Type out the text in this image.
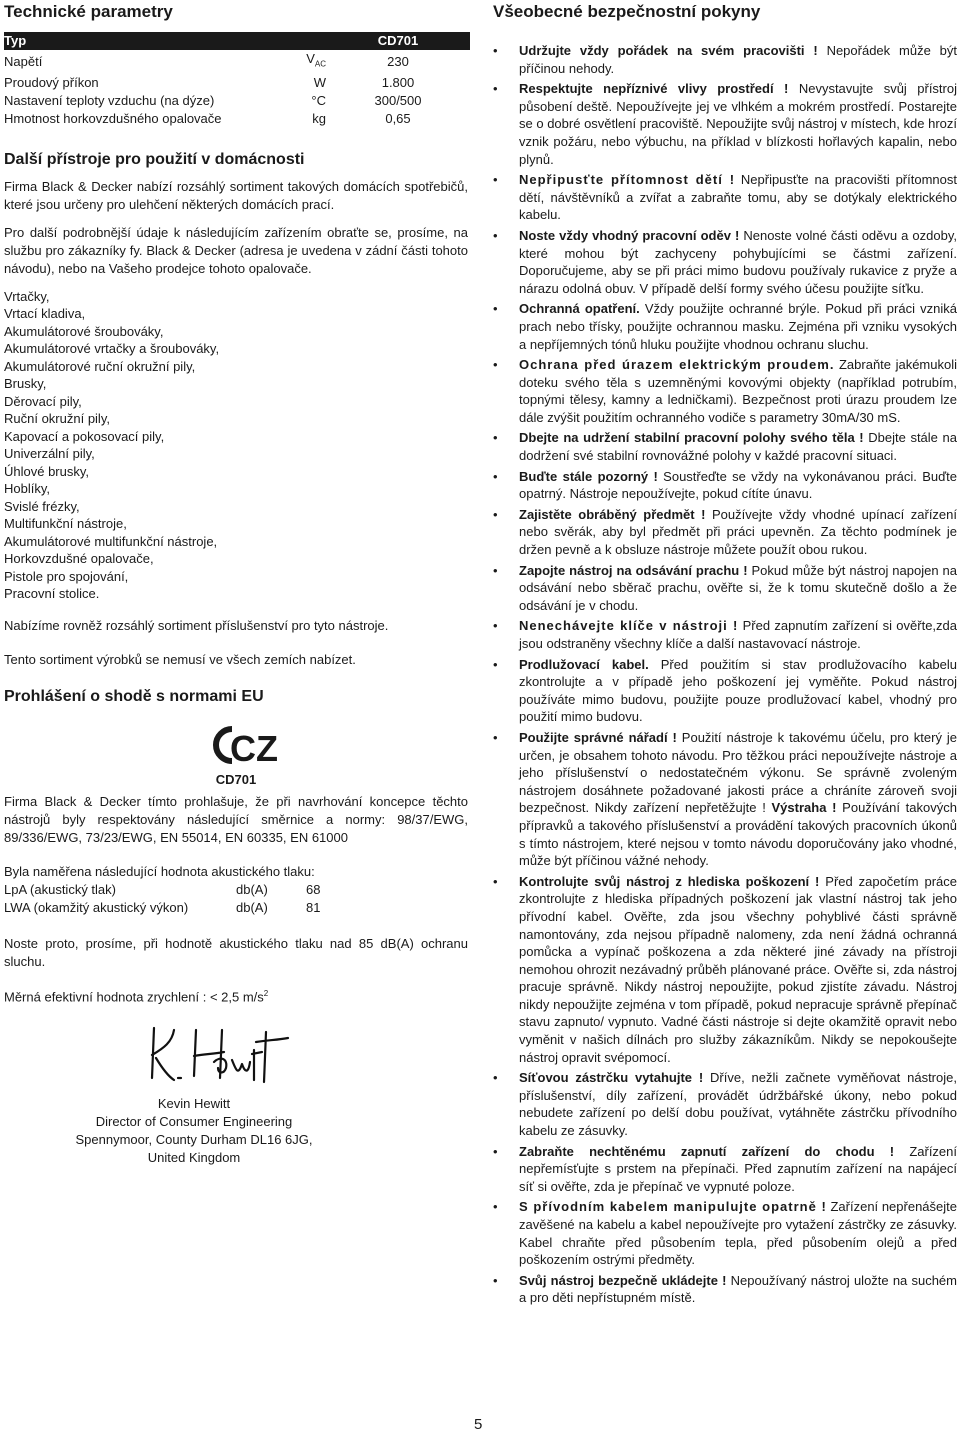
Technické parametry
Typ		CD701
Napětí	$V_{AC}$	230
Proudový příkon	W	1.800
Nastavení teploty vzduchu (na dýze)	°C	300/500
Hmotnost horkovzdušného opalovače	kg	0,65
Další přístroje pro použití v domácnosti

Firma Black & Decker nabízí rozsáhlý sortiment takových domácích spotřebičů, které jsou určeny pro ulehčení některých domácích prací.

Pro další podrobnější údaje k následujícím zařízením obraťte se, prosíme, na službu pro zákazníky fy. Black & Decker (adresa je uvedena v zádní části tohoto návodu), nebo na Vašeho prodejce tohoto opalovače.

Vrtačky,
Vrtací kladiva,
Akumulátorové šroubováky,
Akumulátorové vrtačky a šroubováky,
Akumulátorové ruční okružní pily,
Brusky,
Děrovací pily,
Ruční okružní pily,
Kapovací a pokosovací pily,
Univerzální pily,
Úhlové brusky,
Hoblíky,
Svislé frézky,
Multifunkční nástroje,
Akumulátorové multifunkční nástroje,
Horkovzdušné opalovače,
Pistole pro spojování,
Pracovní stolice.

Nabízíme rovněž rozsáhlý sortiment příslušenství pro tyto nástroje.

Tento sortiment výrobků se nemusí ve všech zemích nabízet.

Prohlášení o shodě s normami EU
CZ
CD701

Firma Black & Decker tímto prohlašuje, že při navrhování koncepce těchto nástrojů byly respektovány následující směrnice a normy: 98/37/EWG, 89/336/EWG, 73/23/EWG, EN 55014, EN 60335, EN 61000

Byla naměřena následující hodnota akustického tlaku:
LpA (akustický tlak)	db(A)	68
LWA (okamžitý akustický výkon)	db(A)	81

Noste proto, prosíme, při hodnotě akustického tlaku nad 85 dB(A) ochranu sluchu.

Měrná efektivní hodnota zrychlení : < 2,5 $m/s^2$
Kevin Hewitt
Director of Consumer Engineering
Spennymoor, County Durham DL16 6JG,
United Kingdom
Všeobecné bezpečnostní pokyny
• Udržujte vždy pořádek na svém pracovišti ! Nepořádek může být příčinou nehody.
• Respektujte nepříznivé vlivy prostředí ! Nevystavujte svůj přístroj působení deště. Nepoužívejte jej ve vlhkém a mokrém prostředí. Postarejte se o dobré osvětlení pracoviště. Nepoužijte svůj nástroj v místech, kde hrozí vznik požáru, nebo výbuchu, na příklad v blízkosti hořlavých kapalin, nebo plynů.
• Nepřipusťte přítomnost dětí ! Nepřipusťte na pracovišti přítomnost dětí, návštěvníků a zvířat a zabraňte tomu, aby se dotýkaly elektrického kabelu.
• Noste vždy vhodný pracovní oděv ! Nenoste volné části oděvu a ozdoby, které mohou být zachyceny pohybujícími se částmi zařízení. Doporučujeme, aby se při práci mimo budovu používaly rukavice z pryže a nárazu odolná obuv. V případě delší formy svého účesu použijte síťku.
• Ochranná opatření. Vždy použijte ochranné brýle. Pokud při práci vzniká prach nebo třísky, použijte ochrannou masku. Zejména při vzniku vysokých a nepříjemných tónů hluku použijte vhodnou ochranu sluchu.
• Ochrana před úrazem elektrickým proudem. Zabraňte jakémukoli doteku svého těla s uzemněnými kovovými objekty (například potrubím, topnými tělesy, kamny a ledničkami). Bezpečnost proti úrazu proudem lze dále zvýšit použitím ochranného vodiče s parametry 30mA/30 mS.
• Dbejte na udržení stabilní pracovní polohy svého těla ! Dbejte stále na dodržení své stabilní rovnovážné polohy v každé pracovní situaci.
• Buďte stále pozorný ! Soustřeďte se vždy na vykonávanou práci. Buďte opatrný. Nástroje nepoužívejte, pokud cítíte únavu.
• Zajistěte obráběný předmět ! Používejte vždy vhodné upínací zařízení nebo svěrák, aby byl předmět při práci upevněn. Za těchto podmínek je držen pevně a k obsluze nástroje můžete použít obou rukou.
• Zapojte nástroj na odsávání prachu ! Pokud může být nástroj napojen na odsávání nebo sběrač prachu, ověřte si, že k tomu skutečně došlo a že odsávání je v chodu.
• Nenechávejte klíče v nástroji ! Před zapnutím zařízení si ověřte,zda jsou odstraněny všechny klíče a další nastavovací nástroje.
• Prodlužovací kabel. Před použitím si stav prodlužovacího kabelu zkontrolujte a v případě jeho poškození jej vyměňte. Pokud nástroj používáte mimo budovu, použijte pouze prodlužovací kabel, vhodný pro použití mimo budovu.
• Použijte správné nářadí ! Použití nástroje k takovému účelu, pro který je určen, je obsahem tohoto návodu. Pro těžkou práci nepoužívejte nástroje a jeho příslušenství o nedostatečném výkonu. Se správně zvoleným nástrojem dosáhnete požadované jakosti práce a chráníte zároveň svoji bezpečnost. Nikdy zařízení nepřetěžujte ! Výstraha ! Používání takových přípravků a takového příslušenství a provádění takových pracovních úkonů s tímto nástrojem, které nejsou v tomto návodu doporučovány jako vhodné, může být příčinou vážné nehody.
• Kontrolujte svůj nástroj z hlediska poškození ! Před započetím práce zkontrolujte z hlediska případných poškození jak vlastní nástroj tak jeho přívodní kabel. Ověřte, zda jsou všechny pohyblivé části správně namontovány, zda nejsou případně nalomeny, zda není žádná ochranná pomůcka a vypínač poškozena a zda některé jiné závady na přístroji nemohou ohrozit nezávadný průběh plánované práce. Ověřte si, zda nástroj pracuje správně. Nikdy nástroj nepoužijte, pokud zjistíte závadu. Nástroj nikdy nepoužijte zejména v tom případě, pokud nepracuje správně přepínač stavu zapnuto/ vypnuto. Vadné části nástroje si dejte okamžitě opravit nebo vyměnit v našich dílnách pro služby zákazníkům. Nikdy se nepokoušejte nástroj opravit svépomocí.
• Síťovou zástrčku vytahujte ! Dříve, nežli začnete vyměňovat nástroje, příslušenství, díly zařízení, provádět údržbářské úkony, nebo pokud nebudete zařízení po delší dobu používat, vytáhněte zástrčku přívodního kabelu ze zásuvky.
• Zabraňte nechtěnému zapnutí zařízení do chodu ! Zařízení nepřemísťujte s prstem na přepínači. Před zapnutím zařízení na napájecí síť si ověřte, zda je přepínač ve vypnuté poloze.
• S přívodním kabelem manipulujte opatrně ! Zařízení nepřenášejte zavěšené na kabelu a kabel nepoužívejte pro vytažení zástrčky ze zásuvky. Kabel chraňte před působením tepla, před působením olejů a před poškozením ostrými předměty.
• Svůj nástroj bezpečně ukládejte ! Nepoužívaný nástroj uložte na suchém a pro děti nepřístupném místě.
5
